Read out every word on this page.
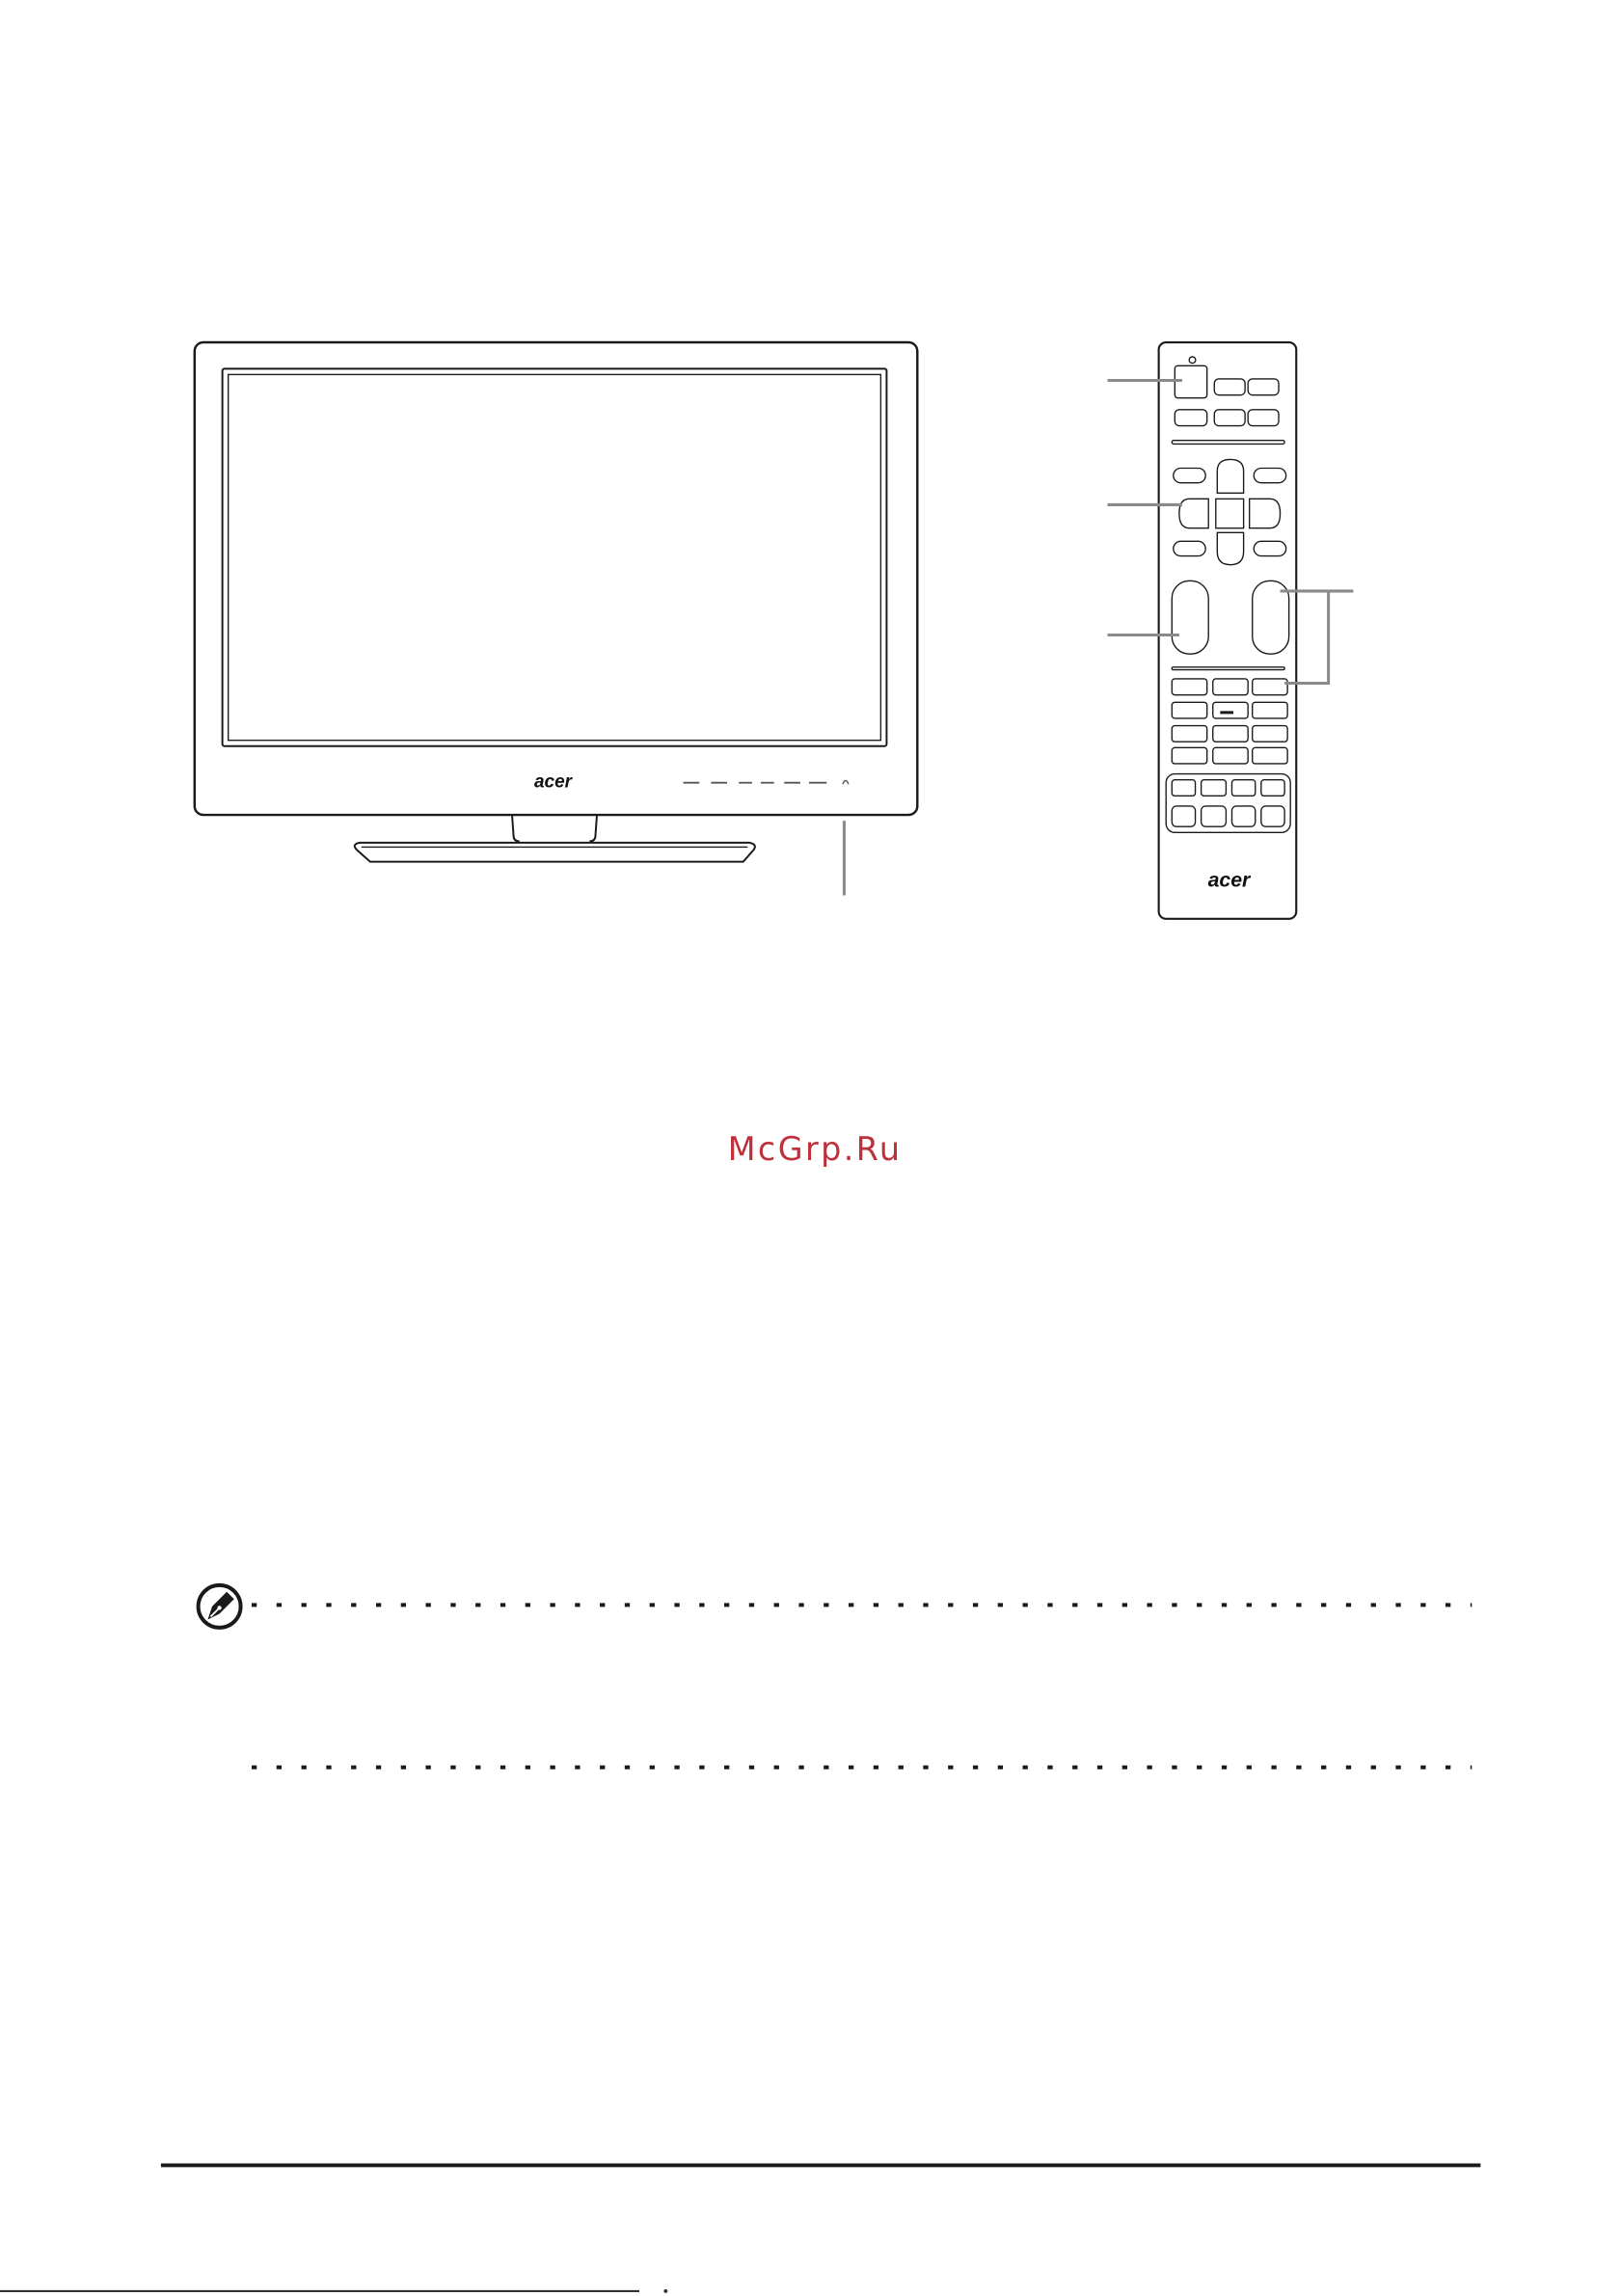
acer
acer
McGrp.Ru
